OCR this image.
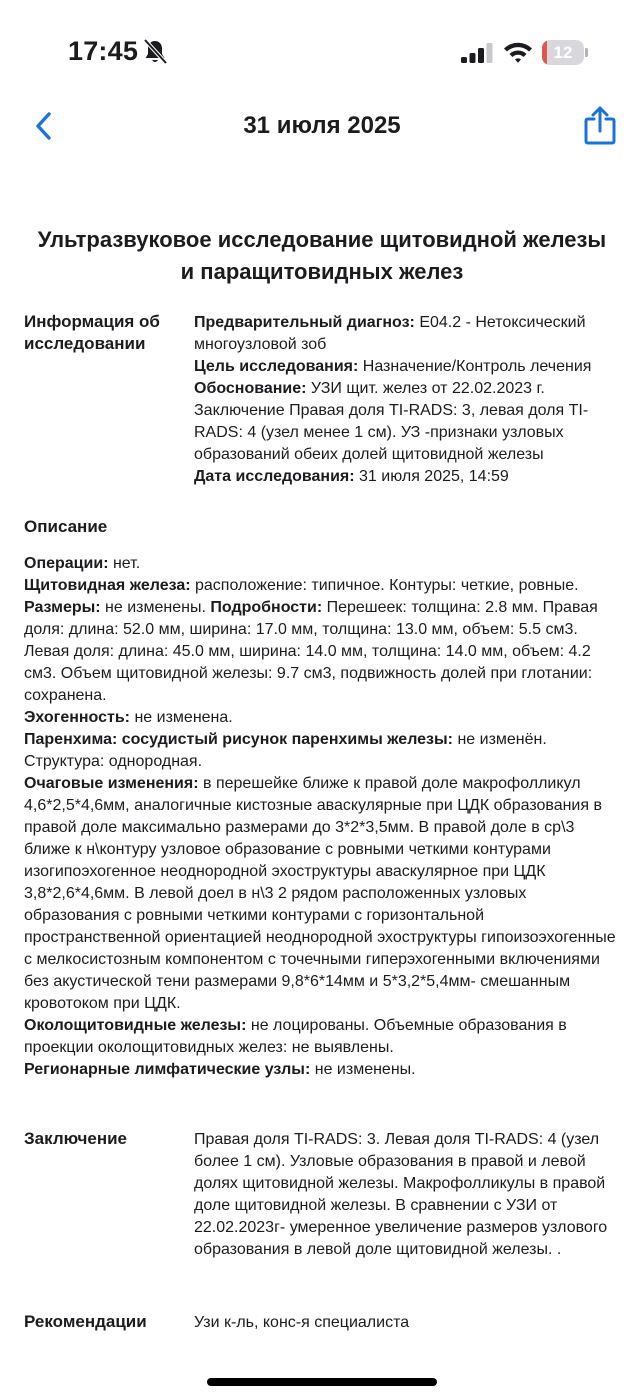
17:45	12
31 июля 2025
Ультразвуковое исследование щитовидной железы и паращитовидных желез
Информация об исследовании

Предварительный диагноз: E04.2 - Нетоксический многоузловой зоб

Цель исследования: Назначение/Контроль лечения

Обоснование: УЗИ щит. желез от 22.02.2023 г. Заключение Правая доля TI-RADS: 3, левая доля TI-RADS: 4 (узел менее 1 см). УЗ -признаки узловых образований обеих долей щитовидной железы

Дата исследования: 31 июля 2025, 14:59

Описание

Операции: нет.

Щитовидная железа: расположение: типичное. Контуры: четкие, ровные.

Размеры: не изменены. Подробности: Перешеек: толщина: 2.8 мм. Правая доля: длина: 52.0 мм, ширина: 17.0 мм, толщина: 13.0 мм, объем: 5.5 см3. Левая доля: длина: 45.0 мм, ширина: 14.0 мм, толщина: 14.0 мм, объем: 4.2 см3. Объем щитовидной железы: 9.7 см3, подвижность долей при глотании: сохранена.

Эхогенность: не изменена.

Паренхима: сосудистый рисунок паренхимы железы: не изменён. Структура: однородная.

Очаговые изменения: в перешейке ближе к правой доле макрофолликул 4,6*2,5*4,6мм, аналогичные кистозные аваскулярные при ЦДК образования в правой доле максимально размерами до 3*2*3,5мм. В правой доле в ср\3 ближе к н\контуру узловое образование с ровными четкими контурами изогипоэхогенное неоднородной эхоструктуры аваскулярное при ЦДК 3,8*2,6*4,6мм. В левой доел в н\3 2 рядом расположенных узловых образования с ровными четкими контурами с горизонтальной пространственной ориентацией неоднородной эхоструктуры гипоизоэхогенные с мелкосистозным компонентом с точечными гиперэхогенными включениями без акустической тени размерами 9,8*6*14мм и 5*3,2*5,4мм- смешанным кровотоком при ЦДК.

Околощитовидные железы: не лоцированы. Объемные образования в проекции околощитовидных желез: не выявлены.

Регионарные лимфатические узлы: не изменены.

Заключение	Правая доля TI-RADS: 3. Левая доля TI-RADS: 4 (узел более 1 см). Узловые образования в правой и левой долях щитовидной железы. Макрофолликулы в правой доле щитовидной железы. В сравнении с УЗИ от 22.02.2023г- умеренное увеличение размеров узлового образования в левой доле щитовидной железы. .
Рекомендации	Узи к-ль, конс-я специалиста
